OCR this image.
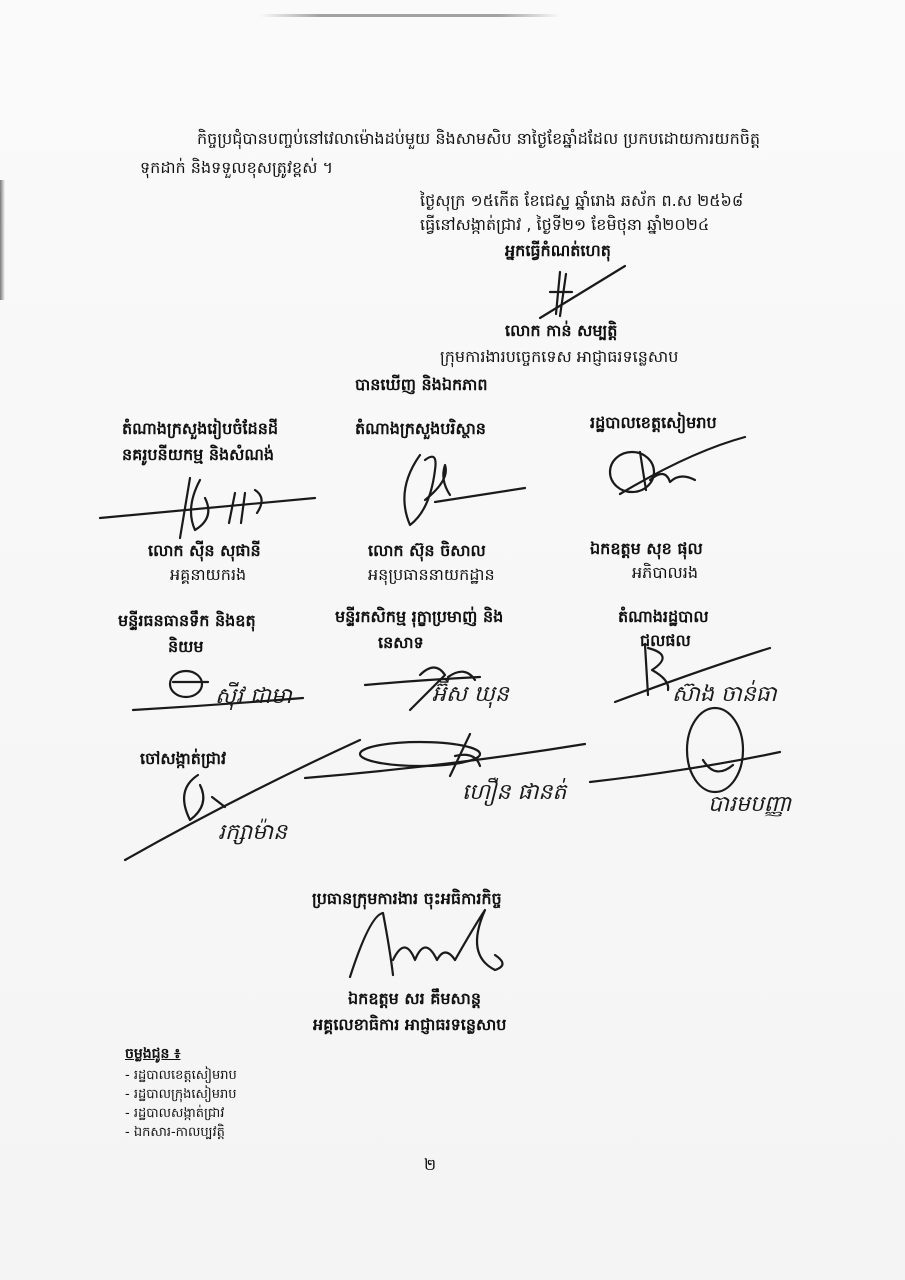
កិច្ចប្រជុំបានបញ្ចប់នៅវេលាម៉ោងដប់មួយ និងសាមសិប នាថ្ងៃខែឆ្នាំដដែល ប្រកបដោយការយកចិត្ត
ទុកដាក់ និងទទួលខុសត្រូវខ្ពស់ ។
ថ្ងៃសុក្រ ១៥កើត ខែជេស្ឋ ឆ្នាំរោង ឆស័ក ព.ស ២៥៦៨
ធ្វើនៅសង្កាត់ជ្រាវ , ថ្ងៃទី២១ ខែមិថុនា ឆ្នាំ២០២៤
អ្នកធ្វើកំណត់ហេតុ
លោក កាន់ សម្បត្តិ
ក្រុមការងារបច្ចេកទេស អាជ្ញាធរទន្លេសាប
បានឃើញ និងឯកភាព
តំណាងក្រសួងរៀបចំដែនដី
នគរូបនីយកម្ម និងសំណង់
លោក ស៊ីន សុផានី
អគ្គនាយករង
តំណាងក្រសួងបរិស្ថាន
លោក ស៊ុន ចិសាល
អនុប្រធាននាយកដ្ឋាន
រដ្ឋបាលខេត្តសៀមរាប
ឯកឧត្តម សុខ ផុល
អភិបាលរង
មន្ទីរធនធានទឹក និងឧតុ
និយម
ស៊ីវ ជាមា
មន្ទីរកសិកម្ម រុក្ខាប្រមាញ់ និង
នេសាទ
អ៊ីស ឃុន
តំណាងរដ្ឋបាល
ជលផល
ស៊ាង ចាន់ធា
ចៅសង្កាត់ជ្រាវ
រក្សាម៉ាន
ហឿន ផានត់	បារមបញ្ញា
ប្រធានក្រុមការងារ ចុះអធិការកិច្ច
ឯកឧត្តម សរ គឹមសាន្ត
អគ្គលេខាធិការ អាជ្ញាធរទន្លេសាប
ចម្លងជូន ៖
- រដ្ឋបាលខេត្តសៀមរាប
- រដ្ឋបាលក្រុងសៀមរាប
- រដ្ឋបាលសង្កាត់ជ្រាវ
- ឯកសារ-កាលប្បវត្តិ
២
